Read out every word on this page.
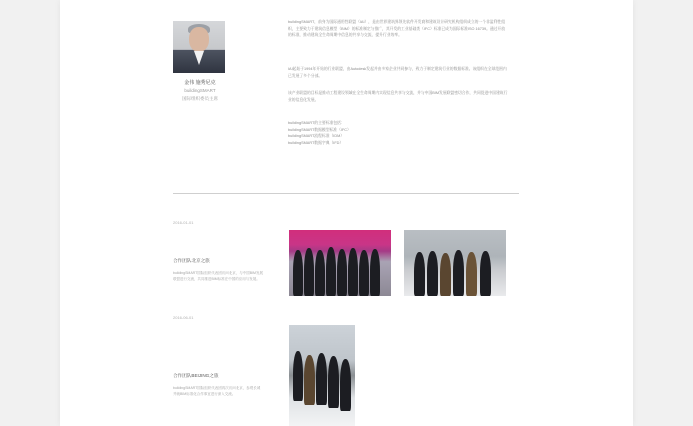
金伟 施秀尼克
buildingSMART
国际组织委员主席

buildingSMART，前身为国际通用性联盟（IAI），是由世界建筑界领先软件开发商和建筑设计研究机构组织成立的一个非盈利性组织，主要致力于建筑信息模型（BIM）的标准制定与推广，其开发的工业基础类（IFC）标准已成为国际标准ISO 16739。通过开放的标准，推动建筑全生命周期中信息的共享与交流，提升行业效率。

IAI起始于1994年开始的行业联盟，由Autodesk发起并由多家企业共同参与，致力于制定建筑行业的数据标准。该组织在全球范围内已发展了多个分部。

该产业联盟的目标是推动工程建设领域在全生命周期内实现信息共享与交流，并与中国BIM发展联盟密切合作，共同促进中国建筑行业的信息化发展。

buildingSMART的主要标准包括：
buildingSMART数据模型标准（IFC）
buildingSMART流程标准（IDM）
buildingSMART数据字典（IFD）

2016-01-01
合作团队北京之旅

buildingSMART国际组织代表团访问北京，与中国BIM发展联盟进行交流，共同推进BIM标准在中国的应用与发展。

2016-06-01
合作团队BEIJING之旅

buildingSMART国际组织代表团再次访问北京，参观长城并就BIM标准化合作事宜进行深入交流。
